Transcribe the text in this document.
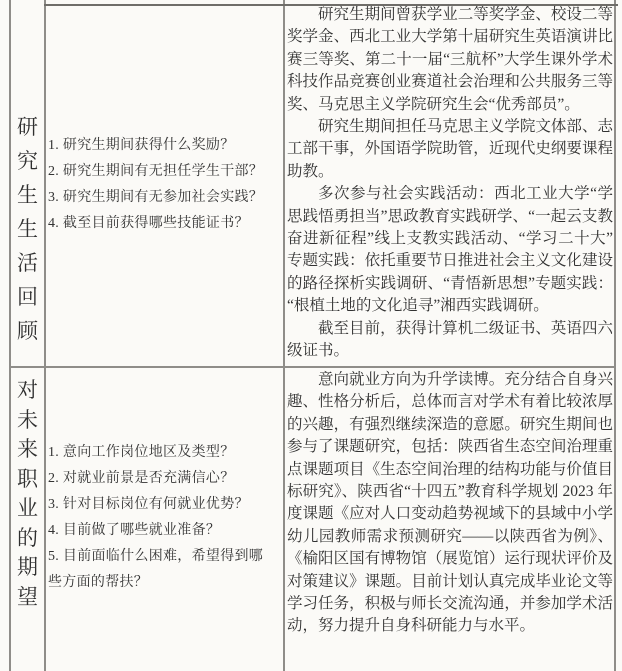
研究生生活回顾
1. 研究生期间获得什么奖励？
2. 研究生期间有无担任学生干部？
3. 研究生期间有无参加社会实践？
4. 截至目前获得哪些技能证书？

研究生期间曾获学业二等奖学金、校设二等奖学金、西北工业大学第十届研究生英语演讲比赛三等奖、第二十一届“三航杯”大学生课外学术科技作品竞赛创业赛道社会治理和公共服务三等奖、马克思主义学院研究生会“优秀部员”。

研究生期间担任马克思主义学院文体部、志工部干事，外国语学院助管，近现代史纲要课程助教。

多次参与社会实践活动：西北工业大学“学思践悟勇担当”思政教育实践研学、“一起云支教奋进新征程”线上支教实践活动、“学习二十大”专题实践：依托重要节日推进社会主义文化建设的路径探析实践调研、“青悟新思想”专题实践：“根植土地的文化追寻”湘西实践调研。

截至目前，获得计算机二级证书、英语四六级证书。

对未来职业的期望
1. 意向工作岗位地区及类型？
2. 对就业前景是否充满信心？
3. 针对目标岗位有何就业优势？
4. 目前做了哪些就业准备？
5. 目前面临什么困难，希望得到哪些方面的帮扶？

意向就业方向为升学读博。充分结合自身兴趣、性格分析后，总体而言对学术有着比较浓厚的兴趣，有强烈继续深造的意愿。研究生期间也参与了课题研究，包括：陕西省生态空间治理重点课题项目《生态空间治理的结构功能与价值目标研究》、陕西省“十四五”教育科学规划 2023 年度课题《应对人口变动趋势视域下的县域中小学幼儿园教师需求预测研究——以陕西省为例》、《榆阳区国有博物馆（展览馆）运行现状评价及对策建议》课题。目前计划认真完成毕业论文等学习任务，积极与师长交流沟通，并参加学术活动，努力提升自身科研能力与水平。
